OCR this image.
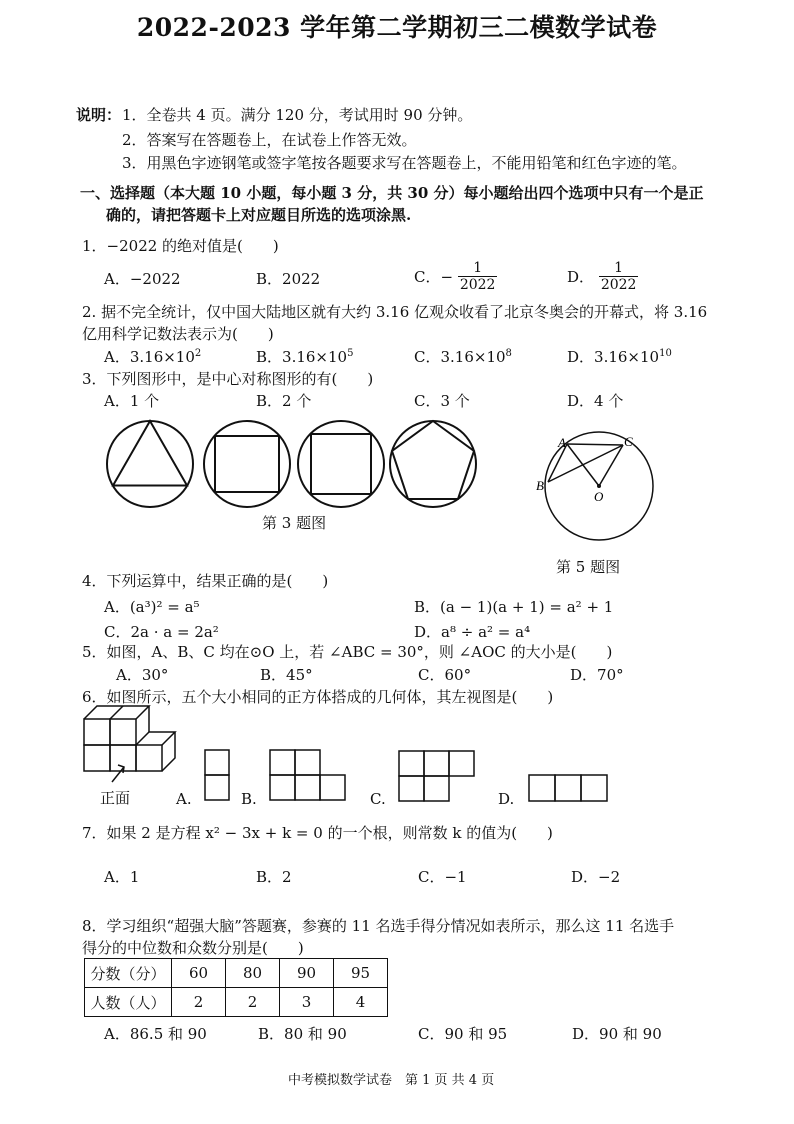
2022-2023 学年第二学期初三二模数学试卷
说明： 1．全卷共 4 页。满分 120 分，考试用时 90 分钟。
2．答案写在答题卷上，在试卷上作答无效。
3．用黑色字迹钢笔或签字笔按各题要求写在答题卷上，不能用铅笔和红色字迹的笔。
一、选择题（本大题 10 小题，每小题 3 分，共 30 分）每小题给出四个选项中只有一个是正
确的，请把答题卡上对应题目所选的选项涂黑.
1．−2022 的绝对值是(　　)
A．−2022	B．2022	C．− $\frac{1}{2022}$	D． $\frac{1}{2022}$
2. 据不完全统计，仅中国大陆地区就有大约 3.16 亿观众收看了北京冬奥会的开幕式，将 3.16
亿用科学记数法表示为(　　)
A．$3.16\times 10^2$	B．$3.16\times 10^5$	C．$3.16\times 10^8$	D．$3.16\times 10^{10}$
3．下列图形中，是中心对称图形的有(　　)
A．1 个	B．2 个	C．3 个	D．4 个
第 3 题图
A	C
B
O
第 5 题图
4．下列运算中，结果正确的是(　　)
A．(a³)² = a⁵	B．(a − 1)(a + 1) = a² + 1
C．2a · a = 2a²	D．a⁸ ÷ a² = a⁴
5．如图，A、B、C 均在⊙O 上，若 ∠ABC = 30°，则 ∠AOC 的大小是(　　)
A．30°	B．45°	C．60°	D．70°
6．如图所示，五个大小相同的正方体搭成的几何体，其左视图是(　　)
正面	A.	B.	C.	D.
7．如果 2 是方程 x² − 3x + k = 0 的一个根，则常数 k 的值为(　　)
A．1	B．2	C．−1	D．−2
8．学习组织“超强大脑”答题赛，参赛的 11 名选手得分情况如表所示，那么这 11 名选手
得分的中位数和众数分别是(　　)
分数（分）	60	80	90	95
人数（人）	2	2	3	4
A．86.5 和 90	B．80 和 90	C．90 和 95	D．90 和 90
中考模拟数学试卷　第 1 页 共 4 页
